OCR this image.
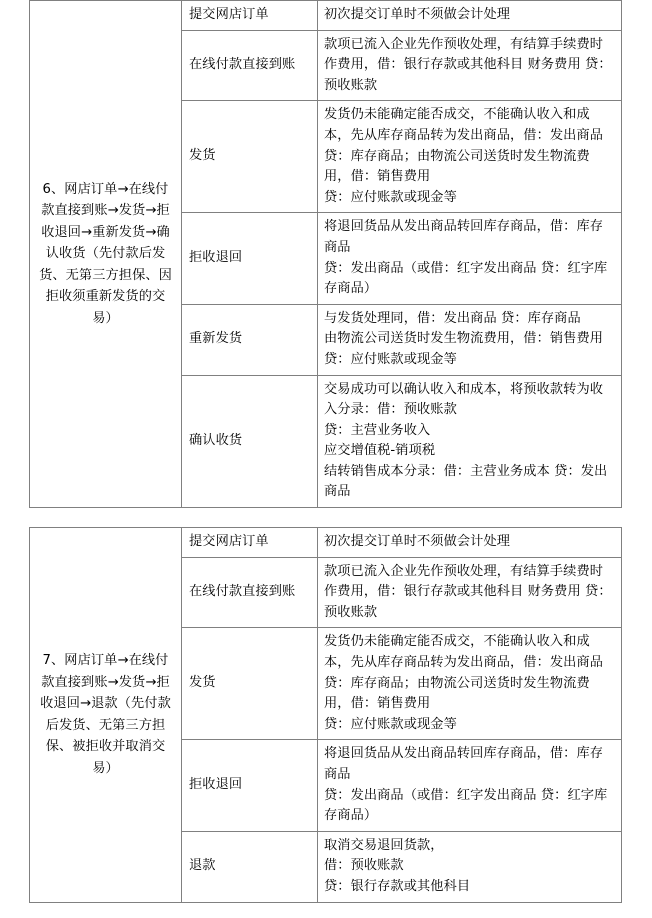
6、网店订单→在线付款直接到账→发货→拒收退回→重新发货→确认收货（先付款后发货、无第三方担保、因拒收须重新发货的交易）	提交网店订单	初次提交订单时不须做会计处理

	在线付款直接到账	款项已流入企业先作预收处理，有结算手续费时作费用，借：银行存款或其他科目 财务费用 贷：预收账款

	发货	发货仍未能确定能否成交，不能确认收入和成本，先从库存商品转为发出商品，借：发出商品 贷：库存商品；由物流公司送货时发生物流费用，借：销售费用
贷：应付账款或现金等

	拒收退回	将退回货品从发出商品转回库存商品，借：库存商品
贷：发出商品（或借：红字发出商品 贷：红字库存商品）

	重新发货	与发货处理同，借：发出商品 贷：库存商品
由物流公司送货时发生物流费用，借：销售费用
贷：应付账款或现金等

	确认收货	交易成功可以确认收入和成本，将预收款转为收入分录：借：预收账款
贷：主营业务收入
应交增值税-销项税
结转销售成本分录：借：主营业务成本 贷：发出商品
7、网店订单→在线付款直接到账→发货→拒收退回→退款（先付款后发货、无第三方担保、被拒收并取消交易）	提交网店订单	初次提交订单时不须做会计处理

	在线付款直接到账	款项已流入企业先作预收处理，有结算手续费时作费用，借：银行存款或其他科目 财务费用 贷：预收账款

	发货	发货仍未能确定能否成交，不能确认收入和成本，先从库存商品转为发出商品，借：发出商品 贷：库存商品；由物流公司送货时发生物流费用，借：销售费用
贷：应付账款或现金等

	拒收退回	将退回货品从发出商品转回库存商品，借：库存商品
贷：发出商品（或借：红字发出商品 贷：红字库存商品）

	退款	取消交易退回货款，
借：预收账款
贷：银行存款或其他科目
